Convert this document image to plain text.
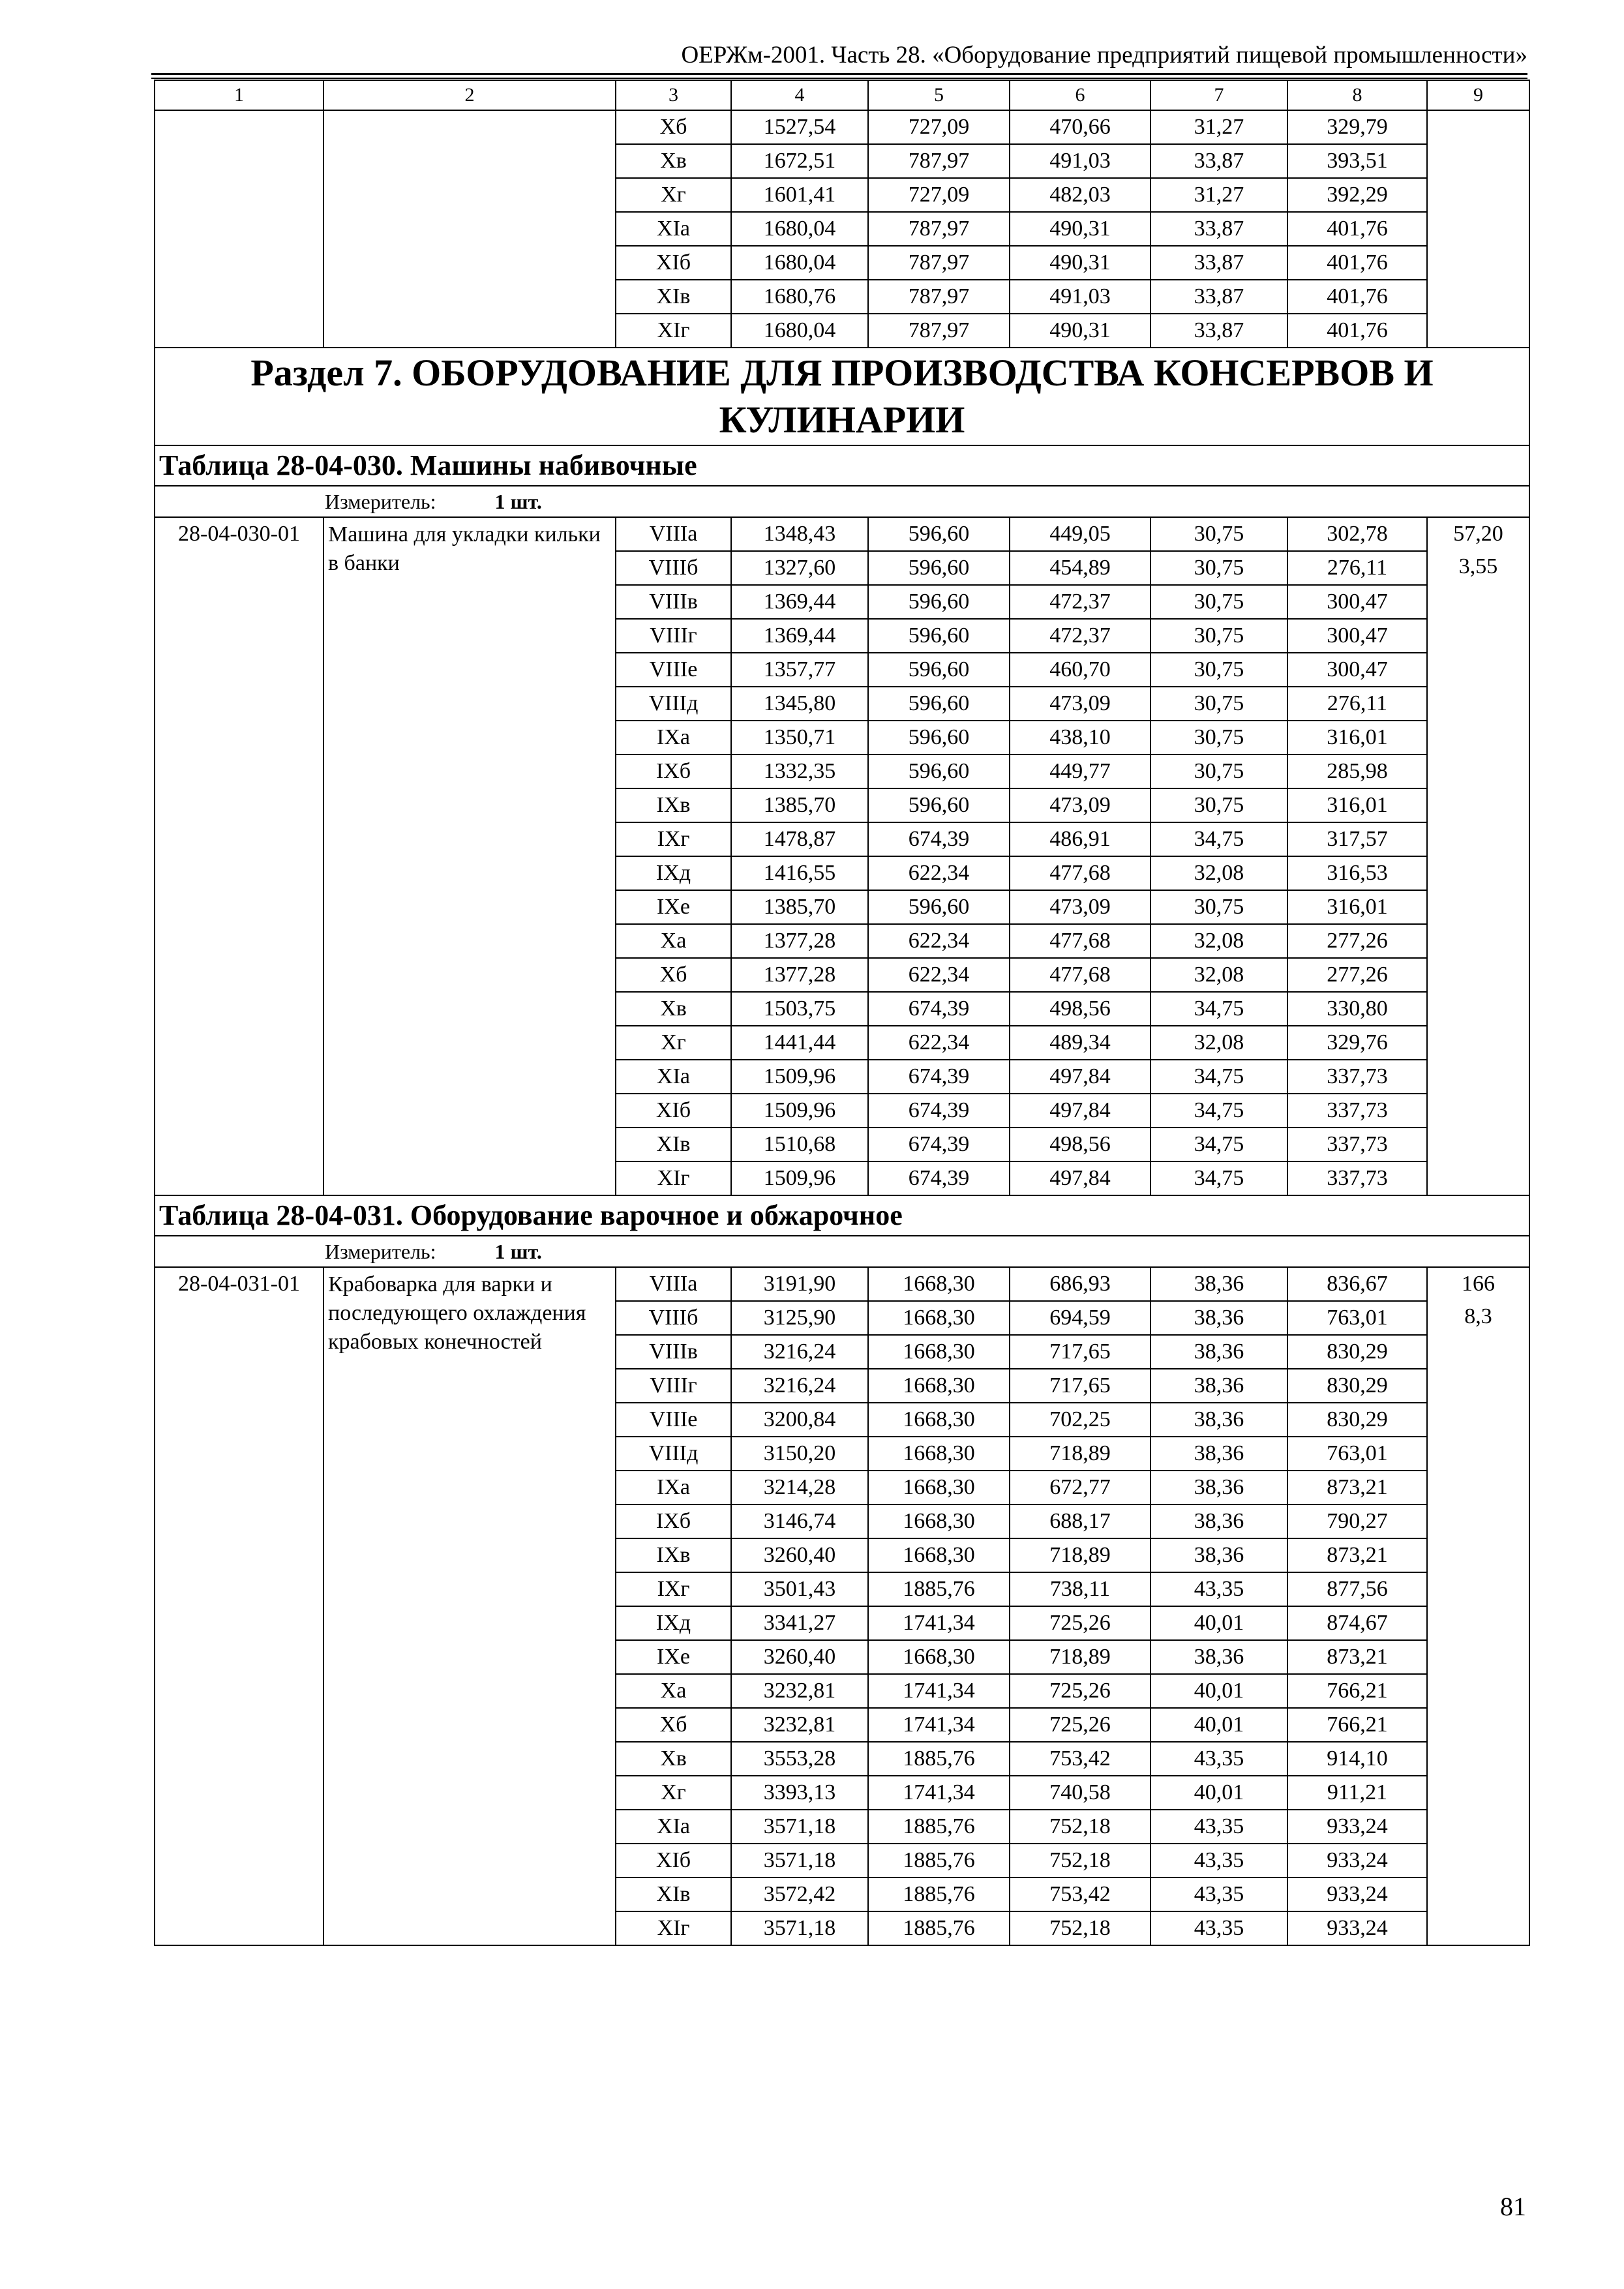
ОЕРЖм-2001. Часть 28. «Оборудование предприятий пищевой промышленности»
1	2	3	4	5	6	7	8	9
		Xб	1527,54	727,09	470,66	31,27	329,79	
		Xв	1672,51	787,97	491,03	33,87	393,51	
		Xг	1601,41	727,09	482,03	31,27	392,29	
		XIа	1680,04	787,97	490,31	33,87	401,76	
		XIб	1680,04	787,97	490,31	33,87	401,76	
		XIв	1680,76	787,97	491,03	33,87	401,76	
		XIг	1680,04	787,97	490,31	33,87	401,76	
Раздел 7. ОБОРУДОВАНИЕ ДЛЯ ПРОИЗВОДСТВА КОНСЕРВОВ И КУЛИНАРИИ								
Таблица 28-04-030. Машины набивочные								
Измеритель: 1 шт.								
28-04-030-01	Машина для укладки кильки в банки	VIIIа	1348,43	596,60	449,05	30,75	302,78	57,20
3,55

		VIIIб	1327,60	596,60	454,89	30,75	276,11	
		VIIIв	1369,44	596,60	472,37	30,75	300,47	
		VIIIг	1369,44	596,60	472,37	30,75	300,47	
		VIIIе	1357,77	596,60	460,70	30,75	300,47	
		VIIIд	1345,80	596,60	473,09	30,75	276,11	
		IXа	1350,71	596,60	438,10	30,75	316,01	
		IXб	1332,35	596,60	449,77	30,75	285,98	
		IXв	1385,70	596,60	473,09	30,75	316,01	
		IXг	1478,87	674,39	486,91	34,75	317,57	
		IXд	1416,55	622,34	477,68	32,08	316,53	
		IXе	1385,70	596,60	473,09	30,75	316,01	
		Xа	1377,28	622,34	477,68	32,08	277,26	
		Xб	1377,28	622,34	477,68	32,08	277,26	
		Xв	1503,75	674,39	498,56	34,75	330,80	
		Xг	1441,44	622,34	489,34	32,08	329,76	
		XIа	1509,96	674,39	497,84	34,75	337,73	
		XIб	1509,96	674,39	497,84	34,75	337,73	
		XIв	1510,68	674,39	498,56	34,75	337,73	
		XIг	1509,96	674,39	497,84	34,75	337,73	
Таблица 28-04-031. Оборудование варочное и обжарочное								
Измеритель: 1 шт.								
28-04-031-01	Крабоварка для варки и последующего охлаждения крабовых конечностей	VIIIа	3191,90	1668,30	686,93	38,36	836,67	166
8,3

		VIIIб	3125,90	1668,30	694,59	38,36	763,01	
		VIIIв	3216,24	1668,30	717,65	38,36	830,29	
		VIIIг	3216,24	1668,30	717,65	38,36	830,29	
		VIIIе	3200,84	1668,30	702,25	38,36	830,29	
		VIIIд	3150,20	1668,30	718,89	38,36	763,01	
		IXа	3214,28	1668,30	672,77	38,36	873,21	
		IXб	3146,74	1668,30	688,17	38,36	790,27	
		IXв	3260,40	1668,30	718,89	38,36	873,21	
		IXг	3501,43	1885,76	738,11	43,35	877,56	
		IXд	3341,27	1741,34	725,26	40,01	874,67	
		IXе	3260,40	1668,30	718,89	38,36	873,21	
		Xа	3232,81	1741,34	725,26	40,01	766,21	
		Xб	3232,81	1741,34	725,26	40,01	766,21	
		Xв	3553,28	1885,76	753,42	43,35	914,10	
		Xг	3393,13	1741,34	740,58	40,01	911,21	
		XIа	3571,18	1885,76	752,18	43,35	933,24	
		XIб	3571,18	1885,76	752,18	43,35	933,24	
		XIв	3572,42	1885,76	753,42	43,35	933,24	
		XIг	3571,18	1885,76	752,18	43,35	933,24	
81
